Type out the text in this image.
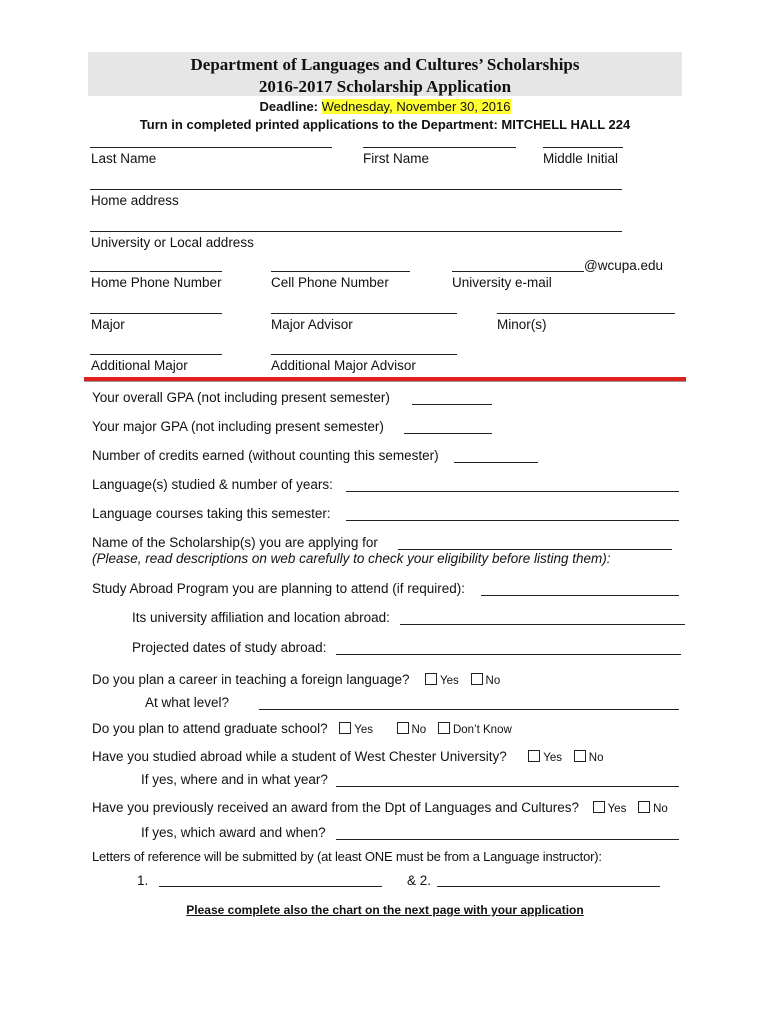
Department of Languages and Cultures’ Scholarships
2016-2017 Scholarship Application
Deadline: Wednesday, November 30, 2016
Turn in completed printed applications to the Department: MITCHELL HALL 224
Last Name	First Name	Middle Initial
Home address
University or Local address
@wcupa.edu
Home Phone Number	Cell Phone Number	University e-mail
Major	Major Advisor	Minor(s)
Additional Major	Additional Major Advisor
Your overall GPA (not including present semester)
Your major GPA (not including present semester)
Number of credits earned (without counting this semester)
Language(s) studied & number of years:
Language courses taking this semester:
Name of the Scholarship(s) you are applying for
(Please, read descriptions on web carefully to check your eligibility before listing them):
Study Abroad Program you are planning to attend (if required):
Its university affiliation and location abroad:
Projected dates of study abroad:
Do you plan a career in teaching a foreign language?	Yes No
At what level?
Do you plan to attend graduate school? Yes	No Don’t Know
Have you studied abroad while a student of West Chester University?	Yes No
If yes, where and in what year?
Have you previously received an award from the Dpt of Languages and Cultures? Yes No
If yes, which award and when?
Letters of reference will be submitted by (at least ONE must be from a Language instructor):
1.	& 2.
Please complete also the chart on the next page with your application
